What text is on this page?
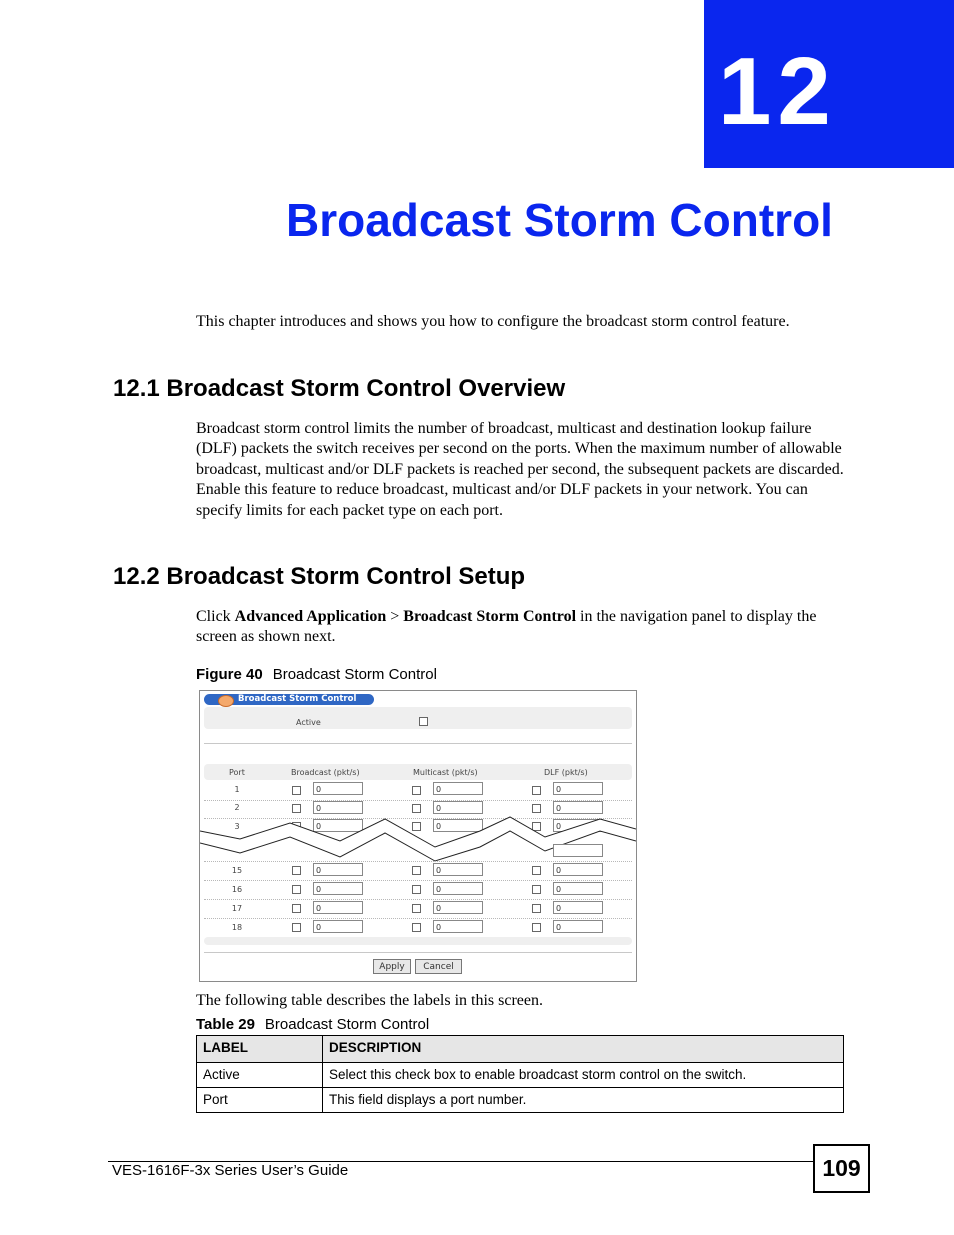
12
Broadcast Storm Control
This chapter introduces and shows you how to configure the broadcast storm control feature.
12.1 Broadcast Storm Control Overview
Broadcast storm control limits the number of broadcast, multicast and destination lookup failure (DLF) packets the switch receives per second on the ports. When the maximum number of allowable broadcast, multicast and/or DLF packets is reached per second, the subsequent packets are discarded. Enable this feature to reduce broadcast, multicast and/or DLF packets in your network. You can specify limits for each packet type on each port.
12.2 Broadcast Storm Control Setup
Click Advanced Application > Broadcast Storm Control in the navigation panel to display the screen as shown next.
Figure 40 Broadcast Storm Control
Broadcast Storm Control
Active
Port	Broadcast (pkt/s)	Multicast (pkt/s)	DLF (pkt/s)
1	0	0	0
2	0	0	0
3	0	0	0
15	0	0	0
16	0	0	0
17	0	0	0
18	0	0	0
Apply	Cancel
The following table describes the labels in this screen.
Table 29 Broadcast Storm Control
LABEL	DESCRIPTION
Active	Select this check box to enable broadcast storm control on the switch.
Port	This field displays a port number.
VES-1616F-3x Series User’s Guide	109
